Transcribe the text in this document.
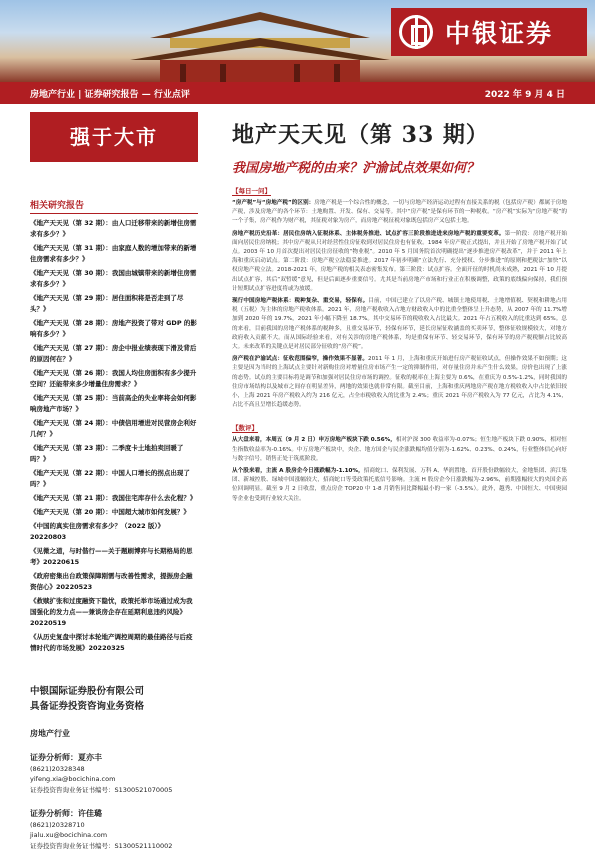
中银证券
房地产行业 | 证券研究报告 — 行业点评	2022 年 9 月 4 日
强于大市
相关研究报告
《地产天天见（第 32 期）：由人口迁移带来的新增住房需求有多少？》
《地产天天见（第 31 期）：由家庭人数的增加带来的新增住房需求有多少？》
《地产天天见（第 30 期）：我国由城镇带来的新增住房需求有多少？》
《地产天天见（第 29 期）：居住面积将是否走到了尽头？》
《地产天天见（第 28 期）：房地产投资了带对 GDP 的影响有多少？》
《地产天天见（第 27 期）：房企中报业绩表现下滑及背后的原因何在？》
《地产天天见（第 26 期）：我国人均住房面积有多少提升空间？还能带来多少增量住房需求？》
《地产天天见（第 25 期）：当前高企的失业率将会如何影响房地产市场？》
《地产天天见（第 24 期）：中债信用增进对民营房企利好几何？》
《地产天天见（第 23 期）：二季度卡土地拍卖回暖了吗？》
《地产天天见（第 22 期）：中国人口增长的拐点出现了吗？》
《地产天天见（第 21 期）：我国住宅库存什么去化程？》
《地产天天见（第 20 期）：中国超大城市如何发展？》
《中国的真实住房需求有多少？（2022 版）》20220803
《见微之道，与时偕行——关于题刷博弈与长期格局的思考》20220615
《政府密集出台政策保障刚需与改善性需求，提振房企融资信心》20220523
《救赎扩张和过度融资下隐忧，政策托举市场通过成为我国强化的发力点——兼谈房企存在延期利息违约风险》20220519
《从历史复盘中探讨本轮地产调控周期的最佳路径与后疫情时代的市场发展》20220325
中银国际证券股份有限公司
具备证券投资咨询业务资格
房地产行业
证券分析师：夏亦丰
(8621)20328348
yifeng.xia@bocichina.com
证券投资咨询业务证书编号：S1300521070005
证券分析师：许佳璐
(8621)20328710
jialu.xu@bocichina.com
证券投资咨询业务证书编号：S1300521110002
地产天天见（第 33 期）
我国房地产税的由来？沪渝试点效果如何？
【每日一问】

“房产税”与“房地产税”的区别：房地产税是一个综合性的概念，一切与房地产经济运动过程有直接关系的税（包括房产税）都属于房地产税，涉及房地产的各个环节：土地购置、开发、保有、交易等。其中“房产税”是保有环节的一种税收。“房产税”实际为“房地产税”的一个子集，房产税作为财产税，其征税对象为房产，而房地产税征税对象既包括房产又包括土地。

房地产税历史沿革：居民住房纳入征税体系、主体税务推进、试点扩容三阶段推进进来房地产税的重要变革。第一阶段：房地产税开始面向居民住房纳税；其中房产税从只对经营性住房征收到对居民住房也有征收。1984 年房产税正式提出，并且开始了房地产税开始了试点。2003 年 10 月首次提出对居民住房征收的“物业税”。2010 年 5 月国务院首次明确提出“逐步推进房产税改革”，并于 2011 年上海和重庆启动试点。第二阶段：房地产税立法稳妥推进。2017 年初步明确“立法先行、充分授权、分步推进”的原则和把税法“加快”以权房地产税立法。2018-2021 年，房地产税的相关表态密集发布。第三阶段：试点扩容。全面开征的时机尚未成熟，2021 年 10 月提出试点扩容，其后“双暂缓”意见，但是后面逐步重要信号。尤其是当前房地产市场和行业正在积极调整，政策的底线偏向保持，我们预计短期试点扩容进度将或为放缓。

现行中国房地产税体系：税种复杂、重交易，轻保有。目前，中国已建立了以房产税、城镇土地使用税、土地增值税、契税和耕地占用税（五税）为主体的房地产税收体系。2021 年，房地产税收收入占地方财政收入中的比重全整体呈上升态势，从 2007 年的 11.7%增加到 2020 年的 19.7%，2021 年小幅下降至 18.7%。其中交易环节的税收收入占比最大。2021 年占五税收入的比重达到 65%。总的来看，目前我国的房地产税体系的税种多，且重交易环节，轻保有环节，延长房屋征收涵盖的买卖环节，整体征收规模较大，对地方政府收入贡献不大。而从国际经验来看，对有关涉的房地产税体系，均是重保有环节、轻交易环节，保有环节的房产税税额占比较高大。未来改革的关键点是对居民部分征收的“房产税”。

房产税在沪渝试点：征收范围偏窄，操作效果不显著。2011 年 1 月，上海和重庆开始进行房产税征收试点，但操作效果不如预期；这主要是因为当时的上海试点主要针对新购住房对增量住房市场产生一定的抑制作用，对存量住房并未产生什么效果，房价也出现了上涨的态势。试点的主要目标将是调节和加强对居民住房市场的调控。征收的税率在上海主要为 0.6%，在重庆为 0.5%-1.2%，同时我国的住房市场结构以及城市之间存在明显差异，两地的效果也就非常有限。截至目前，上海和重庆两地房产税在地方税收收入中占比依旧较小，上海 2021 年房产税收入约为 216 亿元，占全市税收收入的比重为 2.4%；重庆 2021 年房产税收入为 77 亿元，占比为 4.1%，占比不高且呈增长趋缓态势。

【数评】

从大盘来看，本周五（9 月 2 日）申万房地产板块下跌 0.56%，相对沪深 300 收益率为-0.07%；恒生地产板块下跌 0.90%，相对恒生指数收益率为-0.16%。中万房地产板块中，央企、地方国企与民企涨跌幅均值分别为-1.62%、0.23%、0.24%，行业整体信心向好与数字信号，销售正处于筑底阶段。

从个股来看，主流 A 股房企今日涨跌幅为-1.10%，招商蛇口、保利发展、万科 A、华润置地、首开股份跌幅较大，金地集团、滨江集团、新城控股、绿城中国涨幅较大，招商蛇口等受政策托底信号影响。主流 H 股房企今日涨跌幅为-2.96%，前期涨幅较大的央国企高位回调明显。截至 9 月 2 日收盘，重点房企 TOP20 中 1-8 月销售同比降幅最小的一家（-3.5%）。此外，越秀、中国恒大、中国奥园等企业也受到行业较大关注。
